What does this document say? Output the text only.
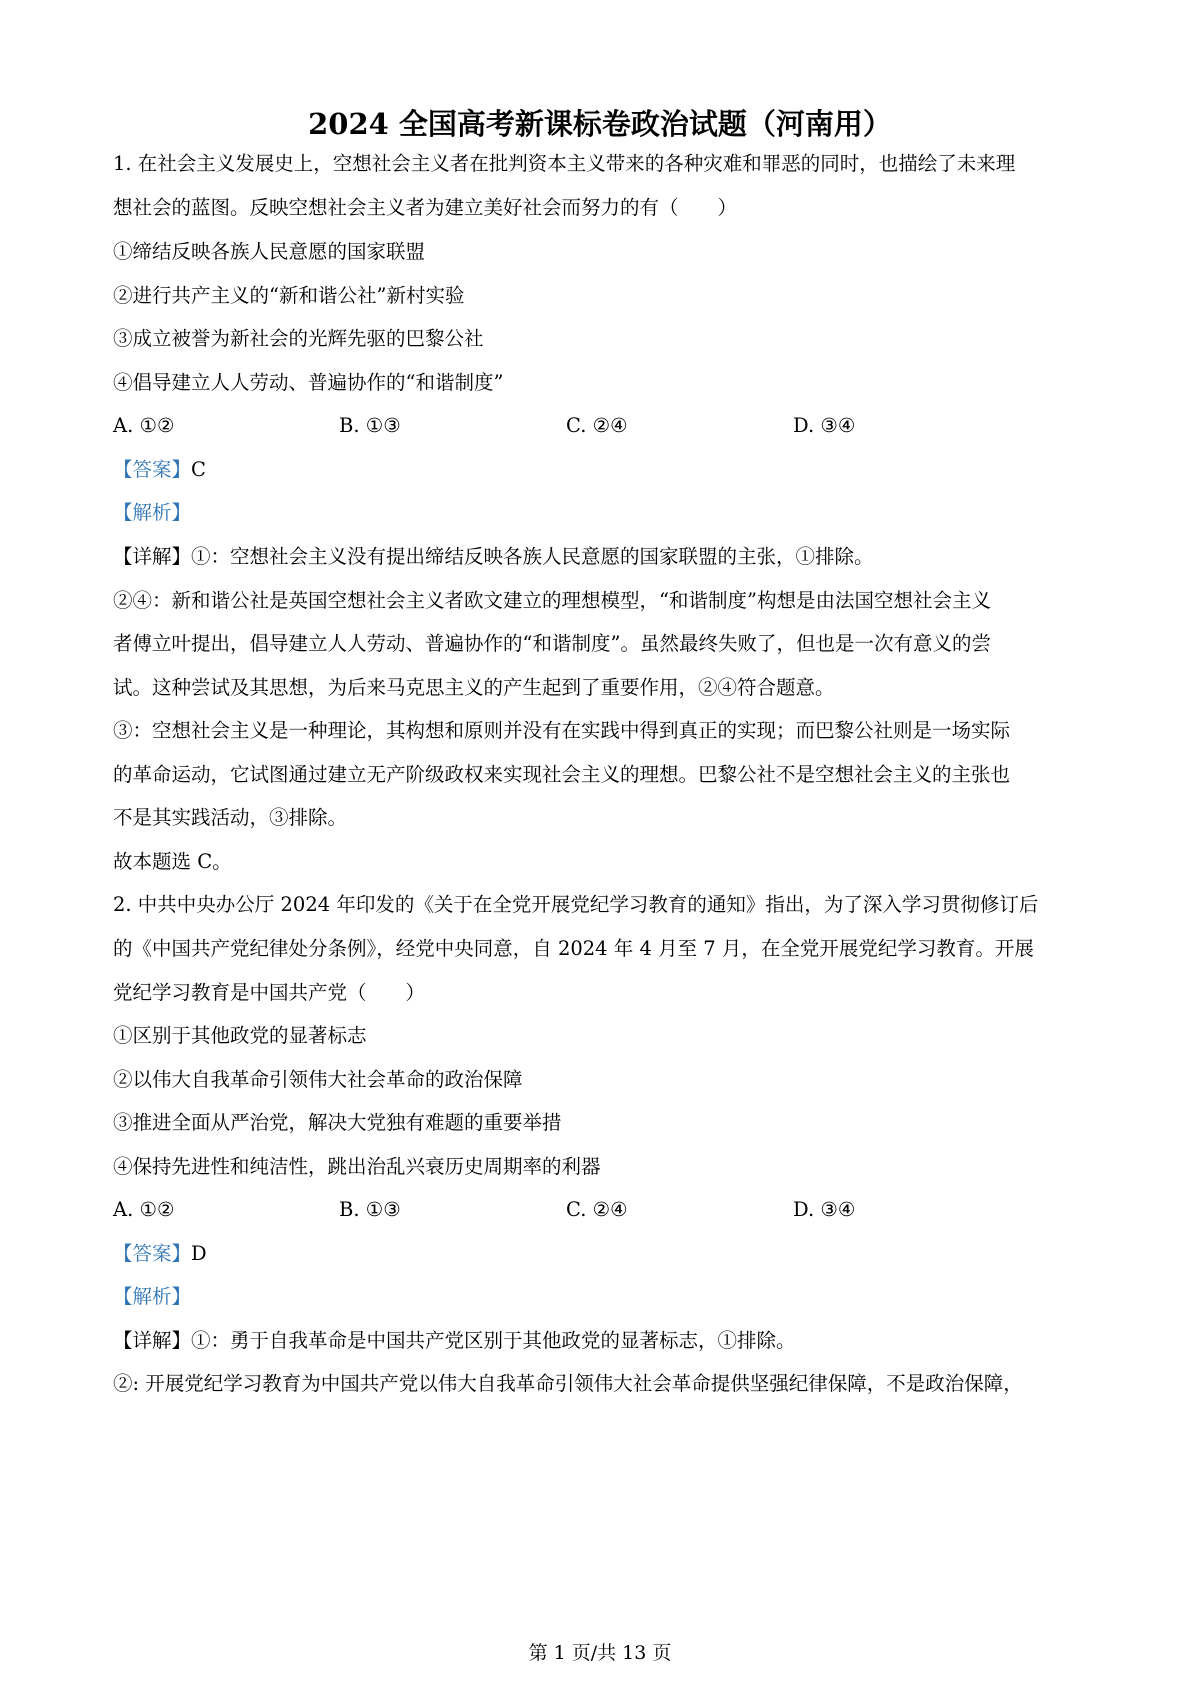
2024 全国高考新课标卷政治试题（河南用）
1. 在社会主义发展史上，空想社会主义者在批判资本主义带来的各种灾难和罪恶的同时，也描绘了未来理
想社会的蓝图。反映空想社会主义者为建立美好社会而努力的有（　　）
①缔结反映各族人民意愿的国家联盟
②进行共产主义的“新和谐公社”新村实验
③成立被誉为新社会的光辉先驱的巴黎公社
④倡导建立人人劳动、普遍协作的“和谐制度”
A. ①②	B. ①③	C. ②④	D. ③④
【答案】C
【解析】
【详解】①：空想社会主义没有提出缔结反映各族人民意愿的国家联盟的主张，①排除。
②④：新和谐公社是英国空想社会主义者欧文建立的理想模型，“和谐制度”构想是由法国空想社会主义
者傅立叶提出，倡导建立人人劳动、普遍协作的“和谐制度”。虽然最终失败了，但也是一次有意义的尝
试。这种尝试及其思想，为后来马克思主义的产生起到了重要作用，②④符合题意。
③：空想社会主义是一种理论，其构想和原则并没有在实践中得到真正的实现；而巴黎公社则是一场实际
的革命运动，它试图通过建立无产阶级政权来实现社会主义的理想。巴黎公社不是空想社会主义的主张也
不是其实践活动，③排除。
故本题选 C。
2. 中共中央办公厅 2024 年印发的《关于在全党开展党纪学习教育的通知》指出，为了深入学习贯彻修订后
的《中国共产党纪律处分条例》，经党中央同意，自 2024 年 4 月至 7 月，在全党开展党纪学习教育。开展
党纪学习教育是中国共产党（　　）
①区别于其他政党的显著标志
②以伟大自我革命引领伟大社会革命的政治保障
③推进全面从严治党，解决大党独有难题的重要举措
④保持先进性和纯洁性，跳出治乱兴衰历史周期率的利器
A. ①②	B. ①③	C. ②④	D. ③④
【答案】D
【解析】
【详解】①：勇于自我革命是中国共产党区别于其他政党的显著标志，①排除。
②: 开展党纪学习教育为中国共产党以伟大自我革命引领伟大社会革命提供坚强纪律保障，不是政治保障，
第 1 页/共 13 页
